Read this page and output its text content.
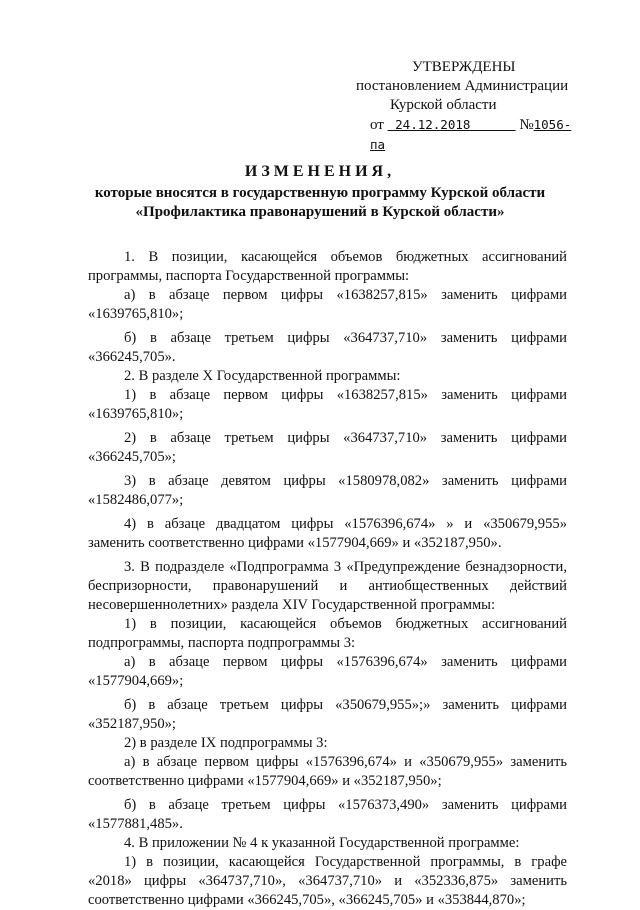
УТВЕРЖДЕНЫ
постановлением Администрации
Курской области
от 24.12.2018	№1056-па
ИЗМЕНЕНИЯ,
которые вносятся в государственную программу Курской области
«Профилактика правонарушений в Курской области»

1. В позиции, касающейся объемов бюджетных ассигнований программы, паспорта Государственной программы:

а) в абзаце первом цифры «1638257,815» заменить цифрами «1639765,810»;

б) в абзаце третьем цифры «364737,710» заменить цифрами «366245,705».

2. В разделе Х Государственной программы:

1) в абзаце первом цифры «1638257,815» заменить цифрами «1639765,810»;

2) в абзаце третьем цифры «364737,710» заменить цифрами «366245,705»;

3) в абзаце девятом цифры «1580978,082» заменить цифрами «1582486,077»;

4) в абзаце двадцатом цифры «1576396,674» » и «350679,955» заменить соответственно цифрами «1577904,669» и «352187,950».

3. В подразделе «Подпрограмма 3 «Предупреждение безнадзорности, беспризорности, правонарушений и антиобщественных действий несовершеннолетних» раздела XIV Государственной программы:

1) в позиции, касающейся объемов бюджетных ассигнований подпрограммы, паспорта подпрограммы 3:

а) в абзаце первом цифры «1576396,674» заменить цифрами «1577904,669»;

б) в абзаце третьем цифры «350679,955»;» заменить цифрами «352187,950»;

2) в разделе IX подпрограммы 3:

а) в абзаце первом цифры «1576396,674» и «350679,955» заменить соответственно цифрами «1577904,669» и «352187,950»;

б) в абзаце третьем цифры «1576373,490» заменить цифрами «1577881,485».

4. В приложении № 4 к указанной Государственной программе:

1) в позиции, касающейся Государственной программы, в графе «2018» цифры «364737,710», «364737,710» и «352336,875» заменить соответственно цифрами «366245,705», «366245,705» и «353844,870»;
